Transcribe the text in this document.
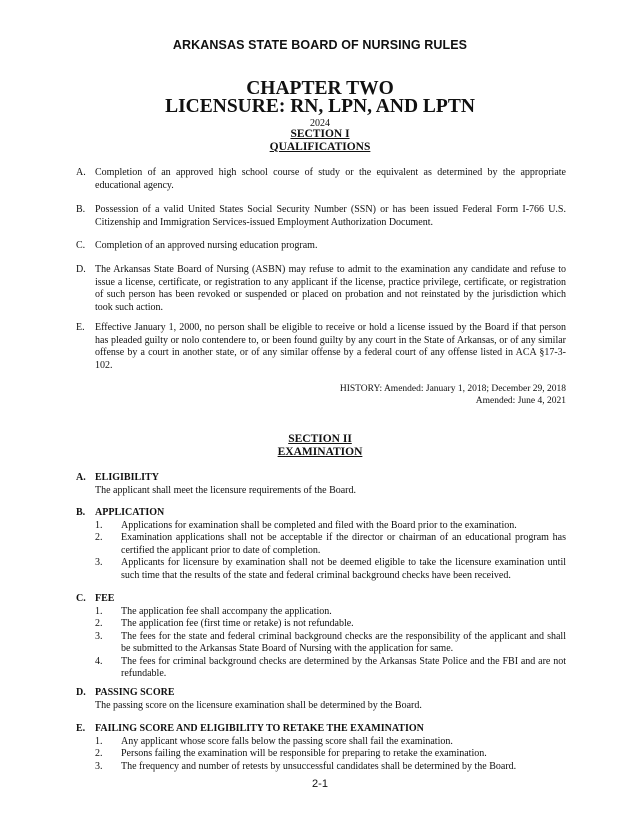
ARKANSAS STATE BOARD OF NURSING RULES
CHAPTER TWO
LICENSURE: RN, LPN, AND LPTN
2024
SECTION I
QUALIFICATIONS
A. Completion of an approved high school course of study or the equivalent as determined by the appropriate educational agency.
B. Possession of a valid United States Social Security Number (SSN) or has been issued Federal Form I-766 U.S. Citizenship and Immigration Services-issued Employment Authorization Document.
C. Completion of an approved nursing education program.
D. The Arkansas State Board of Nursing (ASBN) may refuse to admit to the examination any candidate and refuse to issue a license, certificate, or registration to any applicant if the license, practice privilege, certificate, or registration of such person has been revoked or suspended or placed on probation and not reinstated by the jurisdiction which took such action.
E. Effective January 1, 2000, no person shall be eligible to receive or hold a license issued by the Board if that person has pleaded guilty or nolo contendere to, or been found guilty by any court in the State of Arkansas, or of any similar offense by a court in another state, or of any similar offense by a federal court of any offense listed in ACA §17-3-102.
HISTORY: Amended: January 1, 2018; December 29, 2018
Amended: June 4, 2021
SECTION II
EXAMINATION
A. ELIGIBILITY
The applicant shall meet the licensure requirements of the Board.
B. APPLICATION
1. Applications for examination shall be completed and filed with the Board prior to the examination.
2. Examination applications shall not be acceptable if the director or chairman of an educational program has certified the applicant prior to date of completion.
3. Applicants for licensure by examination shall not be deemed eligible to take the licensure examination until such time that the results of the state and federal criminal background checks have been received.
C. FEE
1. The application fee shall accompany the application.
2. The application fee (first time or retake) is not refundable.
3. The fees for the state and federal criminal background checks are the responsibility of the applicant and shall be submitted to the Arkansas State Board of Nursing with the application for same.
4. The fees for criminal background checks are determined by the Arkansas State Police and the FBI and are not refundable.
D. PASSING SCORE
The passing score on the licensure examination shall be determined by the Board.
E. FAILING SCORE AND ELIGIBILITY TO RETAKE THE EXAMINATION
1. Any applicant whose score falls below the passing score shall fail the examination.
2. Persons failing the examination will be responsible for preparing to retake the examination.
3. The frequency and number of retests by unsuccessful candidates shall be determined by the Board.
2-1
